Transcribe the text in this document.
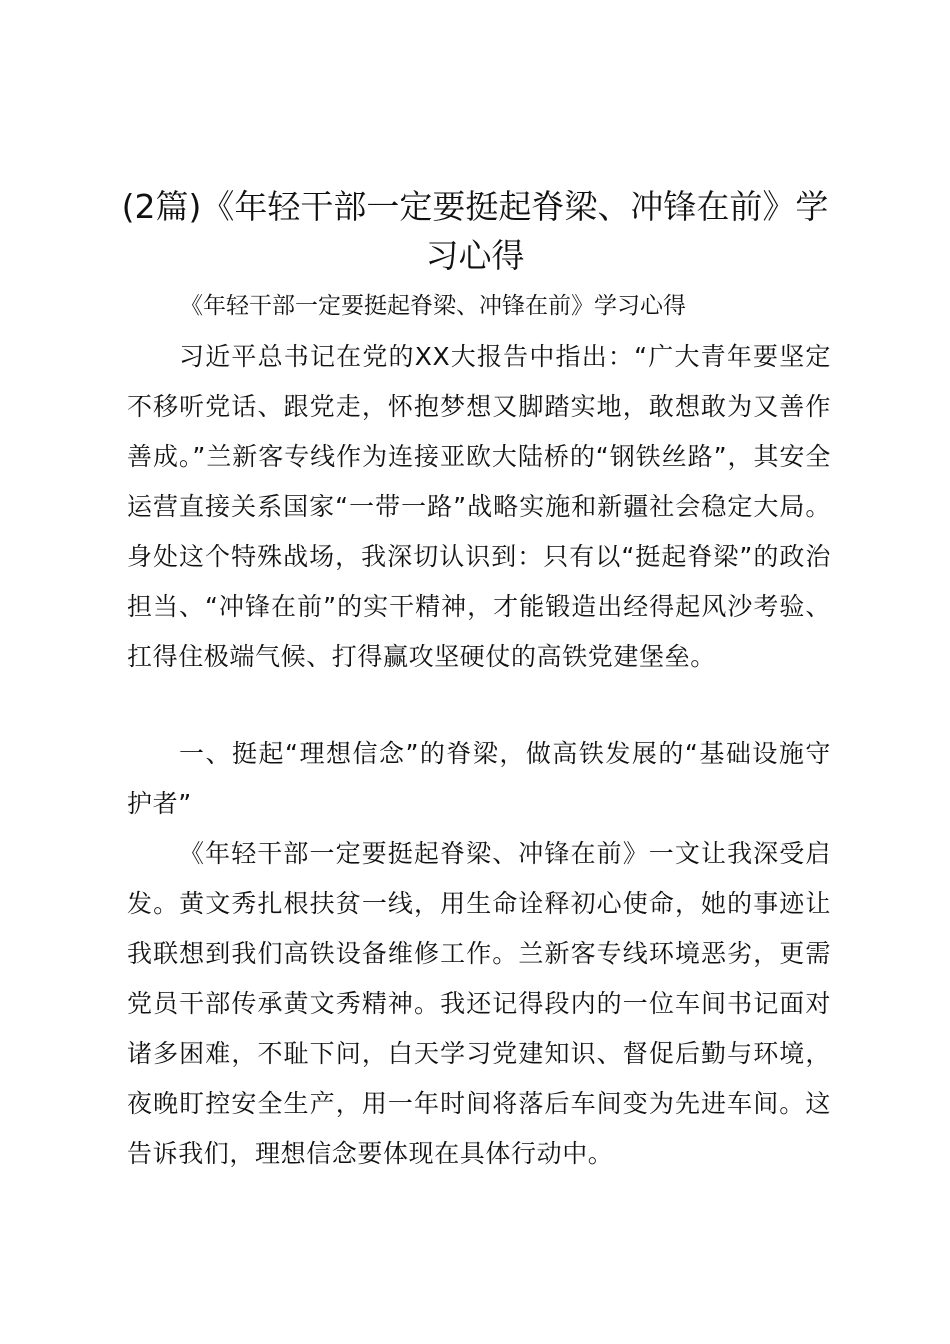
(2篇)《年轻干部一定要挺起脊梁、冲锋在前》学习心得

《年轻干部一定要挺起脊梁、冲锋在前》学习心得

习近平总书记在党的XX大报告中指出：“广大青年要坚定不移听党话、跟党走，怀抱梦想又脚踏实地，敢想敢为又善作善成。”兰新客专线作为连接亚欧大陆桥的“钢铁丝路”，其安全运营直接关系国家“一带一路”战略实施和新疆社会稳定大局。身处这个特殊战场，我深切认识到：只有以“挺起脊梁”的政治担当、“冲锋在前”的实干精神，才能锻造出经得起风沙考验、扛得住极端气候、打得赢攻坚硬仗的高铁党建堡垒。

一、挺起“理想信念”的脊梁，做高铁发展的“基础设施守护者”

《年轻干部一定要挺起脊梁、冲锋在前》一文让我深受启发。黄文秀扎根扶贫一线，用生命诠释初心使命，她的事迹让我联想到我们高铁设备维修工作。兰新客专线环境恶劣，更需党员干部传承黄文秀精神。我还记得段内的一位车间书记面对诸多困难，不耻下问，白天学习党建知识、督促后勤与环境，夜晚盯控安全生产，用一年时间将落后车间变为先进车间。这告诉我们，理想信念要体现在具体行动中。
